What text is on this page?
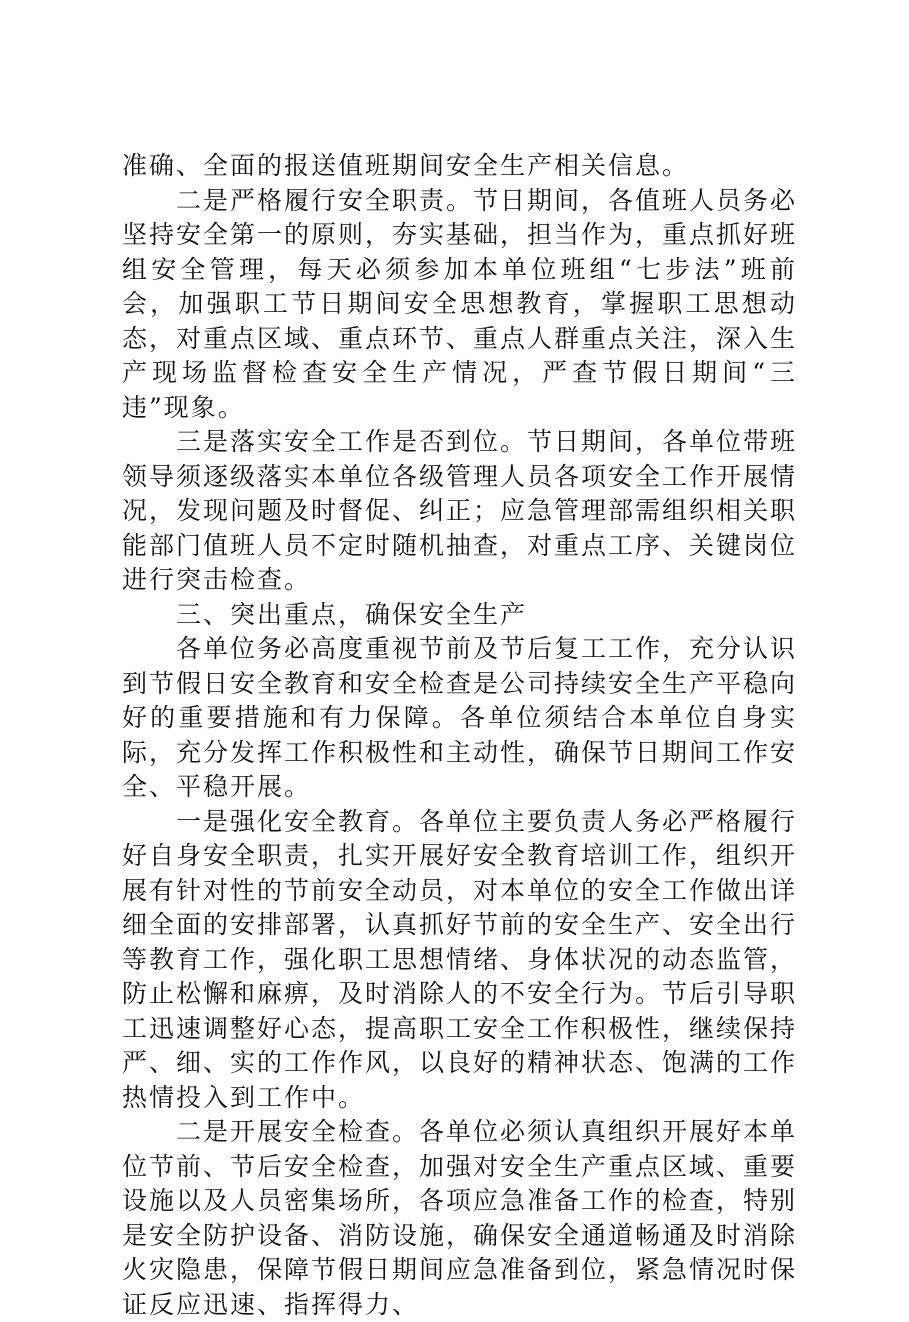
准确、全面的报送值班期间安全生产相关信息。

二是严格履行安全职责。节日期间，各值班人员务必坚持安全第一的原则，夯实基础，担当作为，重点抓好班组安全管理，每天必须参加本单位班组“七步法”班前会，加强职工节日期间安全思想教育，掌握职工思想动态，对重点区域、重点环节、重点人群重点关注，深入生产现场监督检查安全生产情况，严查节假日期间“三违”现象。

三是落实安全工作是否到位。节日期间，各单位带班领导须逐级落实本单位各级管理人员各项安全工作开展情况，发现问题及时督促、纠正；应急管理部需组织相关职能部门值班人员不定时随机抽查，对重点工序、关键岗位进行突击检查。

三、突出重点，确保安全生产

各单位务必高度重视节前及节后复工工作，充分认识到节假日安全教育和安全检查是公司持续安全生产平稳向好的重要措施和有力保障。各单位须结合本单位自身实际，充分发挥工作积极性和主动性，确保节日期间工作安全、平稳开展。

一是强化安全教育。各单位主要负责人务必严格履行好自身安全职责，扎实开展好安全教育培训工作，组织开展有针对性的节前安全动员，对本单位的安全工作做出详细全面的安排部署，认真抓好节前的安全生产、安全出行等教育工作，强化职工思想情绪、身体状况的动态监管，防止松懈和麻痹，及时消除人的不安全行为。节后引导职工迅速调整好心态，提高职工安全工作积极性，继续保持严、细、实的工作作风，以良好的精神状态、饱满的工作热情投入到工作中。

二是开展安全检查。各单位必须认真组织开展好本单位节前、节后安全检查，加强对安全生产重点区域、重要设施以及人员密集场所，各项应急准备工作的检查，特别是安全防护设备、消防设施，确保安全通道畅通及时消除火灾隐患，保障节假日期间应急准备到位，紧急情况时保证反应迅速、指挥得力、
